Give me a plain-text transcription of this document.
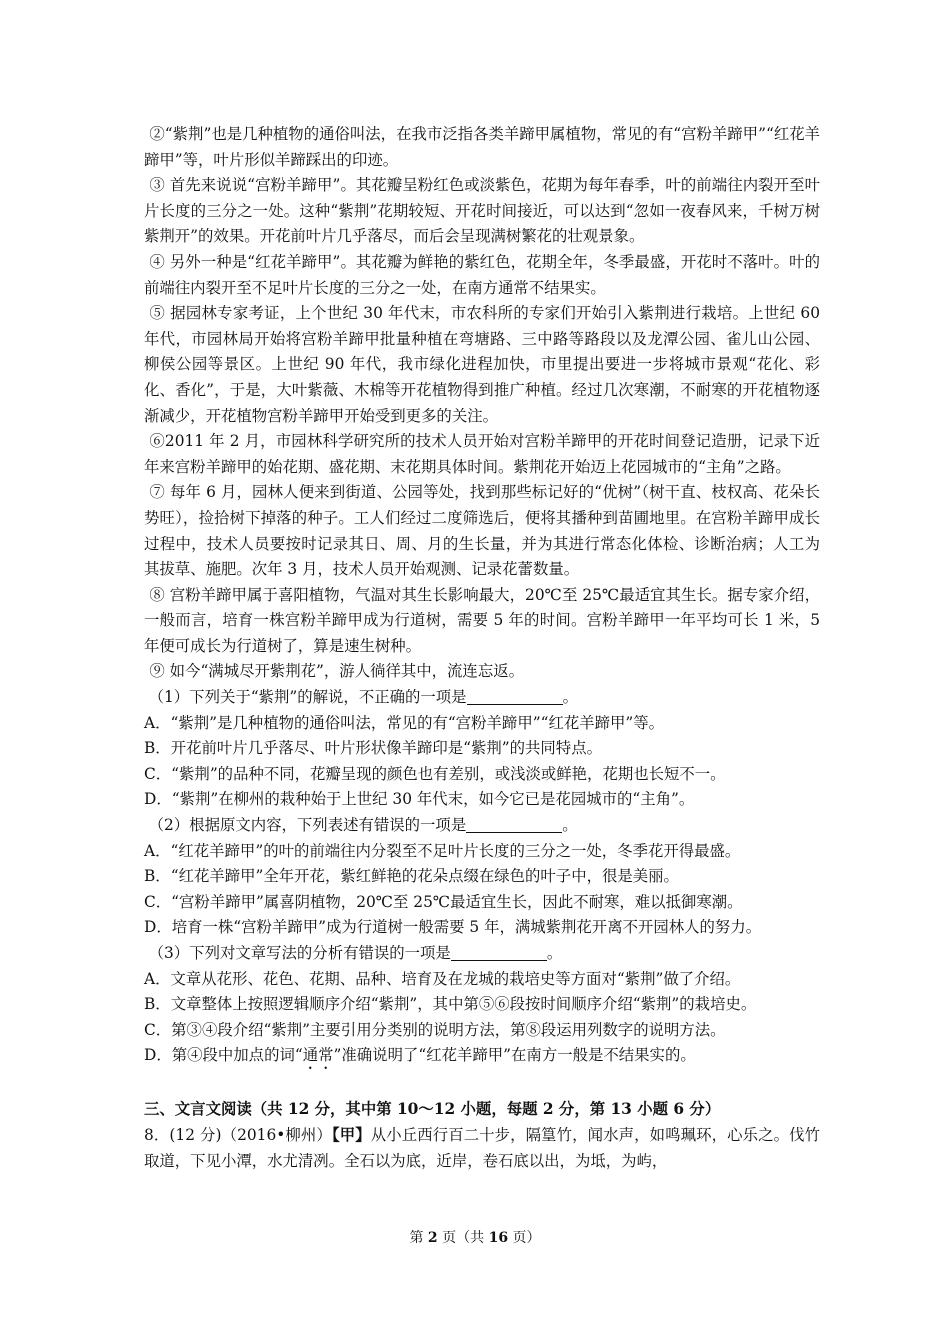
②“紫荆”也是几种植物的通俗叫法，在我市泛指各类羊蹄甲属植物，常见的有“宫粉羊蹄甲”“红花羊蹄甲”等，叶片形似羊蹄踩出的印迹。

③ 首先来说说“宫粉羊蹄甲”。其花瓣呈粉红色或淡紫色，花期为每年春季，叶的前端往内裂开至叶片长度的三分之一处。这种“紫荆”花期较短、开花时间接近，可以达到“忽如一夜春风来，千树万树紫荆开”的效果。开花前叶片几乎落尽，而后会呈现满树繁花的壮观景象。

④ 另外一种是“红花羊蹄甲”。其花瓣为鲜艳的紫红色，花期全年，冬季最盛，开花时不落叶。叶的前端往内裂开至不足叶片长度的三分之一处，在南方通常不结果实。

⑤ 据园林专家考证，上个世纪 30 年代末，市农科所的专家们开始引入紫荆进行栽培。上世纪 60 年代，市园林局开始将宫粉羊蹄甲批量种植在弯塘路、三中路等路段以及龙潭公园、雀儿山公园、柳侯公园等景区。上世纪 90 年代，我市绿化进程加快，市里提出要进一步将城市景观“花化、彩化、香化”，于是，大叶紫薇、木棉等开花植物得到推广种植。经过几次寒潮，不耐寒的开花植物逐渐减少，开花植物宫粉羊蹄甲开始受到更多的关注。

⑥2011 年 2 月，市园林科学研究所的技术人员开始对宫粉羊蹄甲的开花时间登记造册，记录下近年来宫粉羊蹄甲的始花期、盛花期、末花期具体时间。紫荆花开始迈上花园城市的“主角”之路。

⑦ 每年 6 月，园林人便来到街道、公园等处，找到那些标记好的“优树”（树干直、枝权高、花朵长势旺），捡拾树下掉落的种子。工人们经过二度筛选后，便将其播种到苗圃地里。在宫粉羊蹄甲成长过程中，技术人员要按时记录其日、周、月的生长量，并为其进行常态化体检、诊断治病；人工为其拔草、施肥。次年 3 月，技术人员开始观测、记录花蕾数量。

⑧ 宫粉羊蹄甲属于喜阳植物，气温对其生长影响最大，20℃至 25℃最适宜其生长。据专家介绍，一般而言，培育一株宫粉羊蹄甲成为行道树，需要 5 年的时间。宫粉羊蹄甲一年平均可长 1 米，5 年便可成长为行道树了，算是速生树种。

⑨ 如今“满城尽开紫荆花”，游人徜徉其中，流连忘返。

（1）下列关于“紫荆”的解说，不正确的一项是	。

A．“紫荆”是几种植物的通俗叫法，常见的有“宫粉羊蹄甲”“红花羊蹄甲”等。

B．开花前叶片几乎落尽、叶片形状像羊蹄印是“紫荆”的共同特点。

C．“紫荆”的品种不同，花瓣呈现的颜色也有差别，或浅淡或鲜艳，花期也长短不一。

D．“紫荆”在柳州的栽种始于上世纪 30 年代末，如今它已是花园城市的“主角”。

（2）根据原文内容，下列表述有错误的一项是	。

A．“红花羊蹄甲”的叶的前端往内分裂至不足叶片长度的三分之一处，冬季花开得最盛。

B．“红花羊蹄甲”全年开花，紫红鲜艳的花朵点缀在绿色的叶子中，很是美丽。

C．“宫粉羊蹄甲”属喜阴植物，20℃至 25℃最适宜生长，因此不耐寒，难以抵御寒潮。

D．培育一株“宫粉羊蹄甲”成为行道树一般需要 5 年，满城紫荆花开离不开园林人的努力。

（3）下列对文章写法的分析有错误的一项是	。

A．文章从花形、花色、花期、品种、培育及在龙城的栽培史等方面对“紫荆”做了介绍。

B．文章整体上按照逻辑顺序介绍“紫荆”，其中第⑤⑥段按时间顺序介绍“紫荆”的栽培史。

C．第③④段介绍“紫荆”主要引用分类别的说明方法，第⑧段运用列数字的说明方法。

D．第④段中加点的词“通常”准确说明了“红花羊蹄甲”在南方一般是不结果实的。

三、文言文阅读（共 12 分，其中第 10～12 小题，每题 2 分，第 13 小题 6 分）

8．(12 分)（2016•柳州）【甲】从小丘西行百二十步，隔篁竹，闻水声，如鸣珮环，心乐之。伐竹取道，下见小潭，水尤清冽。全石以为底，近岸，卷石底以出，为坻，为屿，

第 2 页（共 16 页）
